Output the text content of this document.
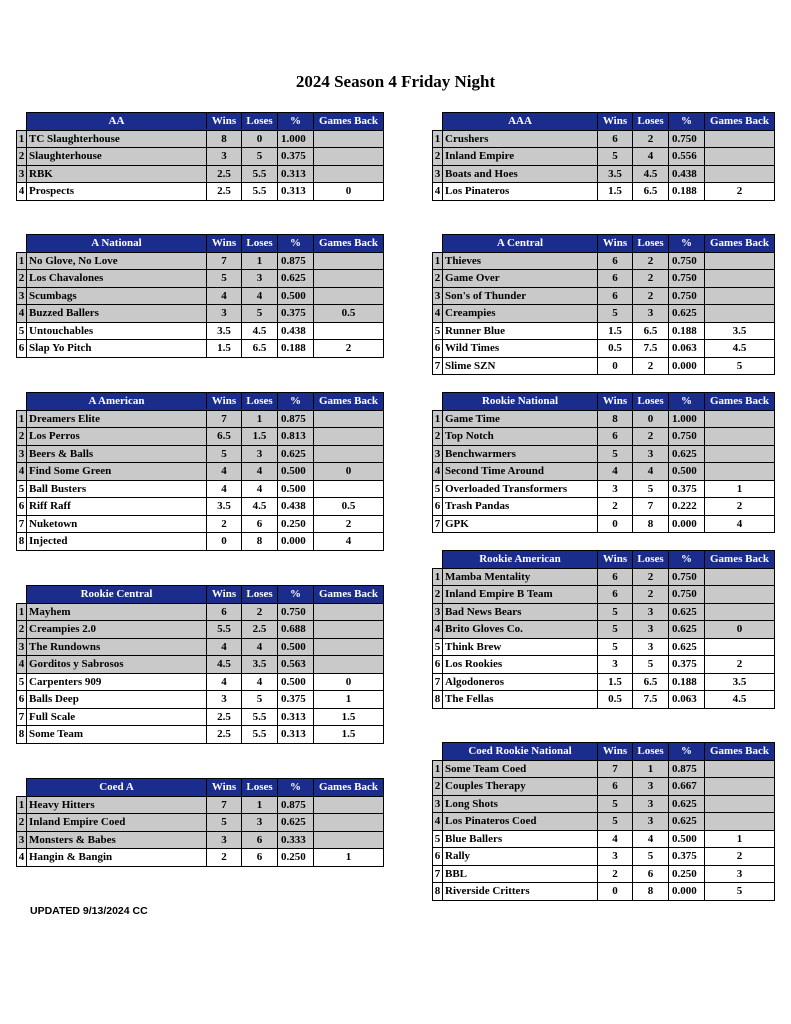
2024 Season 4 Friday Night
	AA	Wins	Loses	%	Games Back
1	TC Slaughterhouse	8	0	1.000	
2	Slaughterhouse	3	5	0.375	
3	RBK	2.5	5.5	0.313	
4	Prospects	2.5	5.5	0.313	0
	AAA	Wins	Loses	%	Games Back
1	Crushers	6	2	0.750	
2	Inland Empire	5	4	0.556	
3	Boats and Hoes	3.5	4.5	0.438	
4	Los Pinateros	1.5	6.5	0.188	2
	A National	Wins	Loses	%	Games Back
1	No Glove, No Love	7	1	0.875	
2	Los Chavalones	5	3	0.625	
3	Scumbags	4	4	0.500	
4	Buzzed Ballers	3	5	0.375	0.5
5	Untouchables	3.5	4.5	0.438	
6	Slap Yo Pitch	1.5	6.5	0.188	2
	A Central	Wins	Loses	%	Games Back
1	Thieves	6	2	0.750	
2	Game Over	6	2	0.750	
3	Son's of Thunder	6	2	0.750	
4	Creampies	5	3	0.625	
5	Runner Blue	1.5	6.5	0.188	3.5
6	Wild Times	0.5	7.5	0.063	4.5
7	Slime SZN	0	2	0.000	5
	A American	Wins	Loses	%	Games Back
1	Dreamers Elite	7	1	0.875	
2	Los Perros	6.5	1.5	0.813	
3	Beers & Balls	5	3	0.625	
4	Find Some Green	4	4	0.500	0
5	Ball Busters	4	4	0.500	
6	Riff Raff	3.5	4.5	0.438	0.5
7	Nuketown	2	6	0.250	2
8	Injected	0	8	0.000	4
	Rookie National	Wins	Loses	%	Games Back
1	Game Time	8	0	1.000	
2	Top Notch	6	2	0.750	
3	Benchwarmers	5	3	0.625	
4	Second Time Around	4	4	0.500	
5	Overloaded Transformers	3	5	0.375	1
6	Trash Pandas	2	7	0.222	2
7	GPK	0	8	0.000	4
	Rookie American	Wins	Loses	%	Games Back
1	Mamba Mentality	6	2	0.750	
2	Inland Empire B Team	6	2	0.750	
3	Bad News Bears	5	3	0.625	
4	Brito Gloves Co.	5	3	0.625	0
5	Think Brew	5	3	0.625	
6	Los Rookies	3	5	0.375	2
7	Algodoneros	1.5	6.5	0.188	3.5
8	The Fellas	0.5	7.5	0.063	4.5
	Rookie Central	Wins	Loses	%	Games Back
1	Mayhem	6	2	0.750	
2	Creampies 2.0	5.5	2.5	0.688	
3	The Rundowns	4	4	0.500	
4	Gorditos y Sabrosos	4.5	3.5	0.563	
5	Carpenters 909	4	4	0.500	0
6	Balls Deep	3	5	0.375	1
7	Full Scale	2.5	5.5	0.313	1.5
8	Some Team	2.5	5.5	0.313	1.5
	Coed Rookie National	Wins	Loses	%	Games Back
1	Some Team Coed	7	1	0.875	
2	Couples Therapy	6	3	0.667	
3	Long Shots	5	3	0.625	
4	Los Pinateros Coed	5	3	0.625	
5	Blue Ballers	4	4	0.500	1
6	Rally	3	5	0.375	2
7	BBL	2	6	0.250	3
8	Riverside Critters	0	8	0.000	5
	Coed A	Wins	Loses	%	Games Back
1	Heavy Hitters	7	1	0.875	
2	Inland Empire Coed	5	3	0.625	
3	Monsters & Babes	3	6	0.333	
4	Hangin & Bangin	2	6	0.250	1
UPDATED 9/13/2024 CC
